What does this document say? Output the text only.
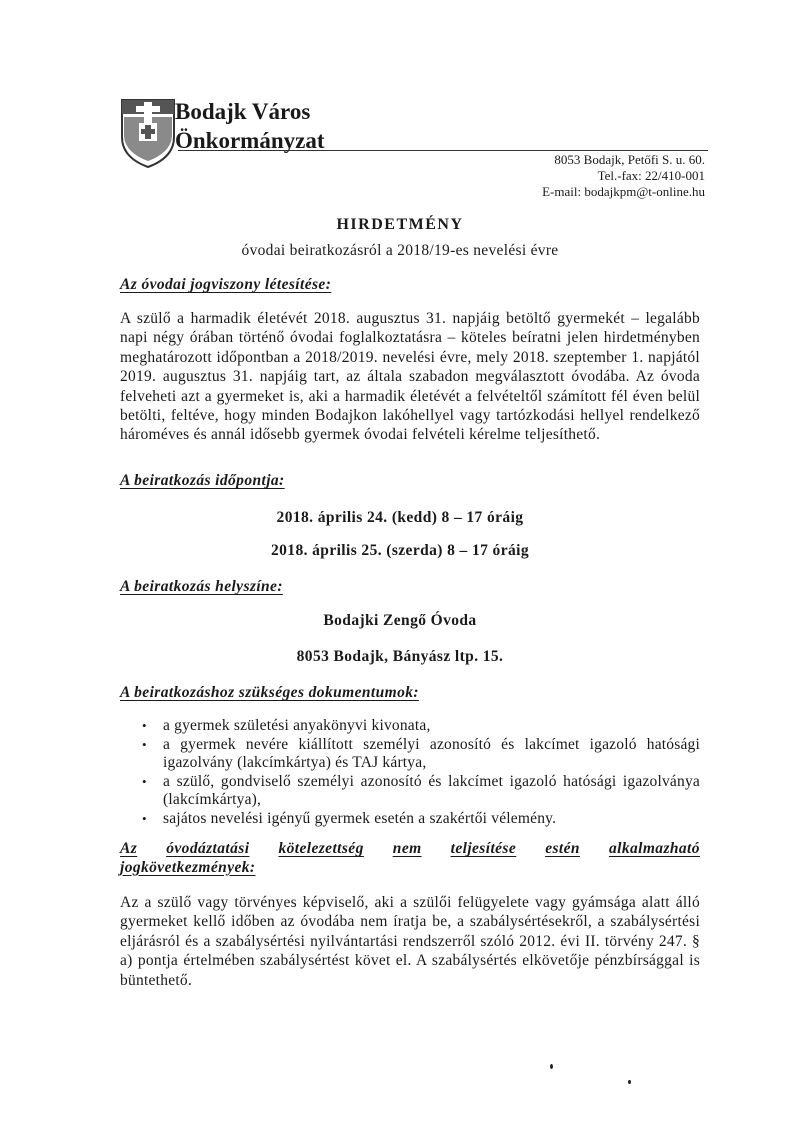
Bodajk Város
Önkormányzat
8053 Bodajk, Petőfi S. u. 60.
Tel.-fax: 22/410-001
E-mail: bodajkpm@t-online.hu
HIRDETMÉNY
óvodai beiratkozásról a 2018/19-es nevelési évre
Az óvodai jogviszony létesítése:
A szülő a harmadik életévét 2018. augusztus 31. napjáig betöltő gyermekét – legalább napi négy órában történő óvodai foglalkoztatásra – köteles beíratni jelen hirdetményben meghatározott időpontban a 2018/2019. nevelési évre, mely 2018. szeptember 1. napjától 2019. augusztus 31. napjáig tart, az általa szabadon megválasztott óvodába. Az óvoda felveheti azt a gyermeket is, aki a harmadik életévét a felvételtől számított fél éven belül betölti, feltéve, hogy minden Bodajkon lakóhellyel vagy tartózkodási hellyel rendelkező hároméves és annál idősebb gyermek óvodai felvételi kérelme teljesíthető.
A beiratkozás időpontja:
2018. április 24. (kedd) 8 – 17 óráig
2018. április 25. (szerda) 8 – 17 óráig
A beiratkozás helyszíne:
Bodajki Zengő Óvoda
8053 Bodajk, Bányász ltp. 15.
A beiratkozáshoz szükséges dokumentumok:
• a gyermek születési anyakönyvi kivonata,
• a gyermek nevére kiállított személyi azonosító és lakcímet igazoló hatósági igazolvány (lakcímkártya) és TAJ kártya,
• a szülő, gondviselő személyi azonosító és lakcímet igazoló hatósági igazolványa (lakcímkártya),
• sajátos nevelési igényű gyermek esetén a szakértői vélemény.
Az óvodáztatási kötelezettség nem teljesítése estén alkalmazható
jogkövetkezmények:
Az a szülő vagy törvényes képviselő, aki a szülői felügyelete vagy gyámsága alatt álló gyermeket kellő időben az óvodába nem íratja be, a szabálysértésekről, a szabálysértési eljárásról és a szabálysértési nyilvántartási rendszerről szóló 2012. évi II. törvény 247. § a) pontja értelmében szabálysértést követ el. A szabálysértés elkövetője pénzbírsággal is büntethető.
